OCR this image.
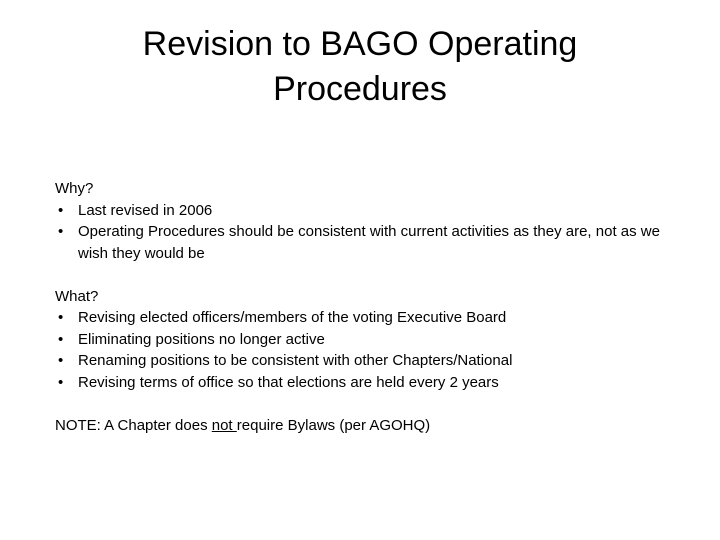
Revision to BAGO Operating
Procedures
Why?
• Last revised in 2006
• Operating Procedures should be consistent with current activities as they are, not as we wish they would be
What?
• Revising elected officers/members of the voting Executive Board
• Eliminating positions no longer active
• Renaming positions to be consistent with other Chapters/National
• Revising terms of office so that elections are held every 2 years
NOTE: A Chapter does not require Bylaws (per AGOHQ)
